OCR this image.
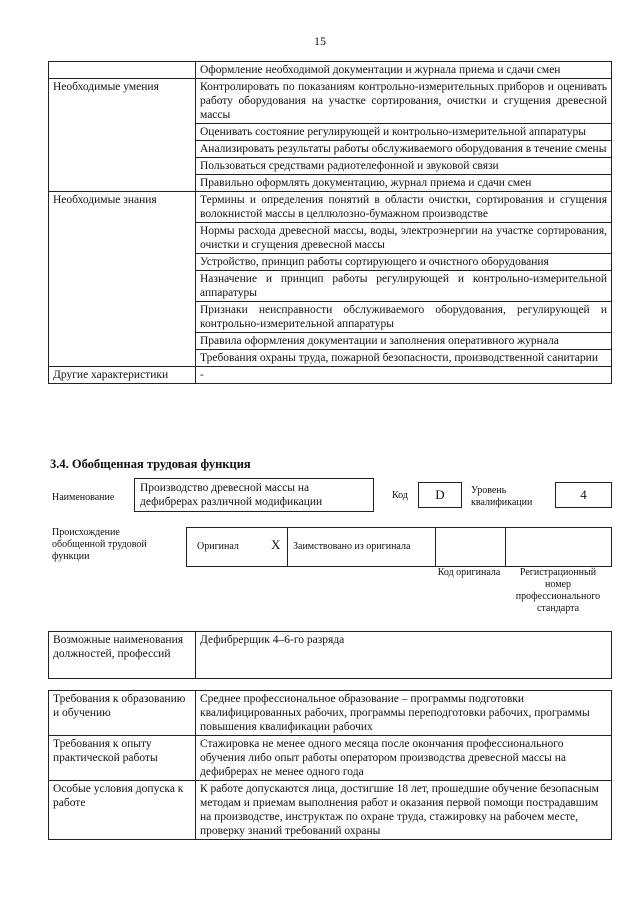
15
	Оформление необходимой документации и журнала приема и сдачи смен
Необходимые умения	Контролировать по показаниям контрольно-измерительных приборов и оценивать работу оборудования на участке сортирования, очистки и сгущения древесной массы
	Оценивать состояние регулирующей и контрольно-измерительной аппаратуры
	Анализировать результаты работы обслуживаемого оборудования в течение смены
	Пользоваться средствами радиотелефонной и звуковой связи
	Правильно оформлять документацию, журнал приема и сдачи смен
Необходимые знания	Термины и определения понятий в области очистки, сортирования и сгущения волокнистой массы в целлюлозно-бумажном производстве
	Нормы расхода древесной массы, воды, электроэнергии на участке сортирования, очистки и сгущения древесной массы
	Устройство, принцип работы сортирующего и очистного оборудования
	Назначение и принцип работы регулирующей и контрольно-измерительной аппаратуры
	Признаки неисправности обслуживаемого оборудования, регулирующей и контрольно-измерительной аппаратуры
	Правила оформления документации и заполнения оперативного журнала
	Требования охраны труда, пожарной безопасности, производственной санитарии
Другие характеристики	-
3.4. Обобщенная трудовая функция
Наименование
Производство древесной массы на дефибрерах различной модификации
Код	D	Уровень квалификации
4
Происхождение обобщенной трудовой функции
Оригинал X Заимствовано из оригинала
Код оригинала	Регистрационный номер профессионального стандарта
Возможные наименования должностей, профессий	Дефибрерщик 4–6-го разряда
Требования к образованию и обучению	Среднее профессиональное образование – программы подготовки квалифицированных рабочих, программы переподготовки рабочих, программы повышения квалификации рабочих
Требования к опыту практической работы	Стажировка не менее одного месяца после окончания профессионального обучения либо опыт работы оператором производства древесной массы на дефибрерах не менее одного года
Особые условия допуска к работе	К работе допускаются лица, достигшие 18 лет, прошедшие обучение безопасным методам и приемам выполнения работ и оказания первой помощи пострадавшим на производстве, инструктаж по охране труда, стажировку на рабочем месте, проверку знаний требований охраны
